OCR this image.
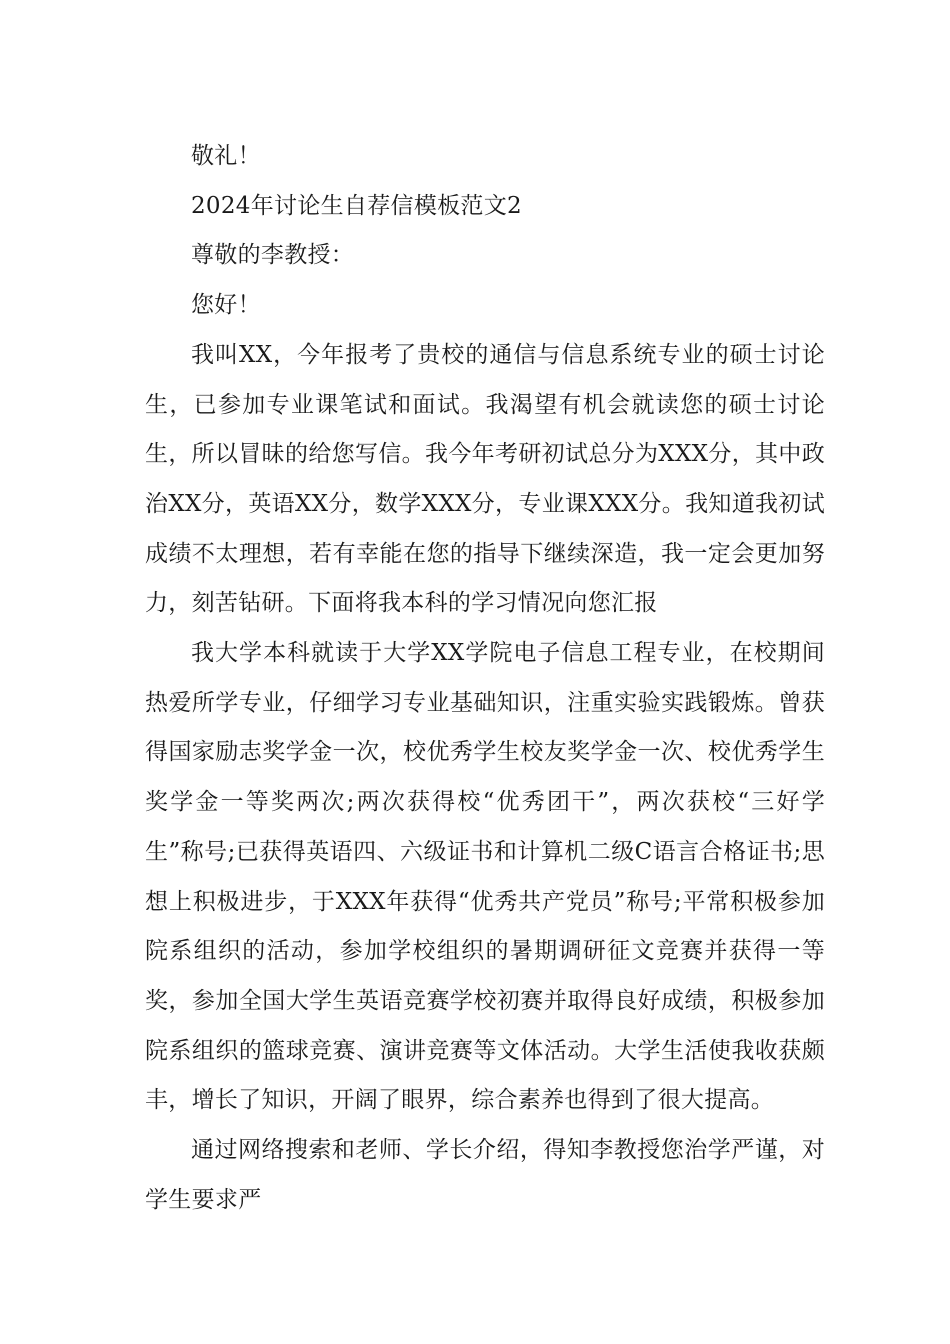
敬礼！

2024年讨论生自荐信模板范文2

尊敬的李教授：

您好！

我叫XX，今年报考了贵校的通信与信息系统专业的硕士讨论生，已参加专业课笔试和面试。我渴望有机会就读您的硕士讨论生，所以冒昧的给您写信。我今年考研初试总分为XXX分，其中政治XX分，英语XX分，数学XXX分，专业课XXX分。我知道我初试成绩不太理想，若有幸能在您的指导下继续深造，我一定会更加努力，刻苦钻研。下面将我本科的学习情况向您汇报

我大学本科就读于大学XX学院电子信息工程专业，在校期间热爱所学专业，仔细学习专业基础知识，注重实验实践锻炼。曾获得国家励志奖学金一次，校优秀学生校友奖学金一次、校优秀学生奖学金一等奖两次;两次获得校“优秀团干”，两次获校“三好学生”称号;已获得英语四、六级证书和计算机二级C语言合格证书;思想上积极进步，于XXX年获得“优秀共产党员”称号;平常积极参加院系组织的活动，参加学校组织的暑期调研征文竞赛并获得一等奖，参加全国大学生英语竞赛学校初赛并取得良好成绩，积极参加院系组织的篮球竞赛、演讲竞赛等文体活动。大学生活使我收获颇丰，增长了知识，开阔了眼界，综合素养也得到了很大提高。

通过网络搜索和老师、学长介绍，得知李教授您治学严谨，对学生要求严
